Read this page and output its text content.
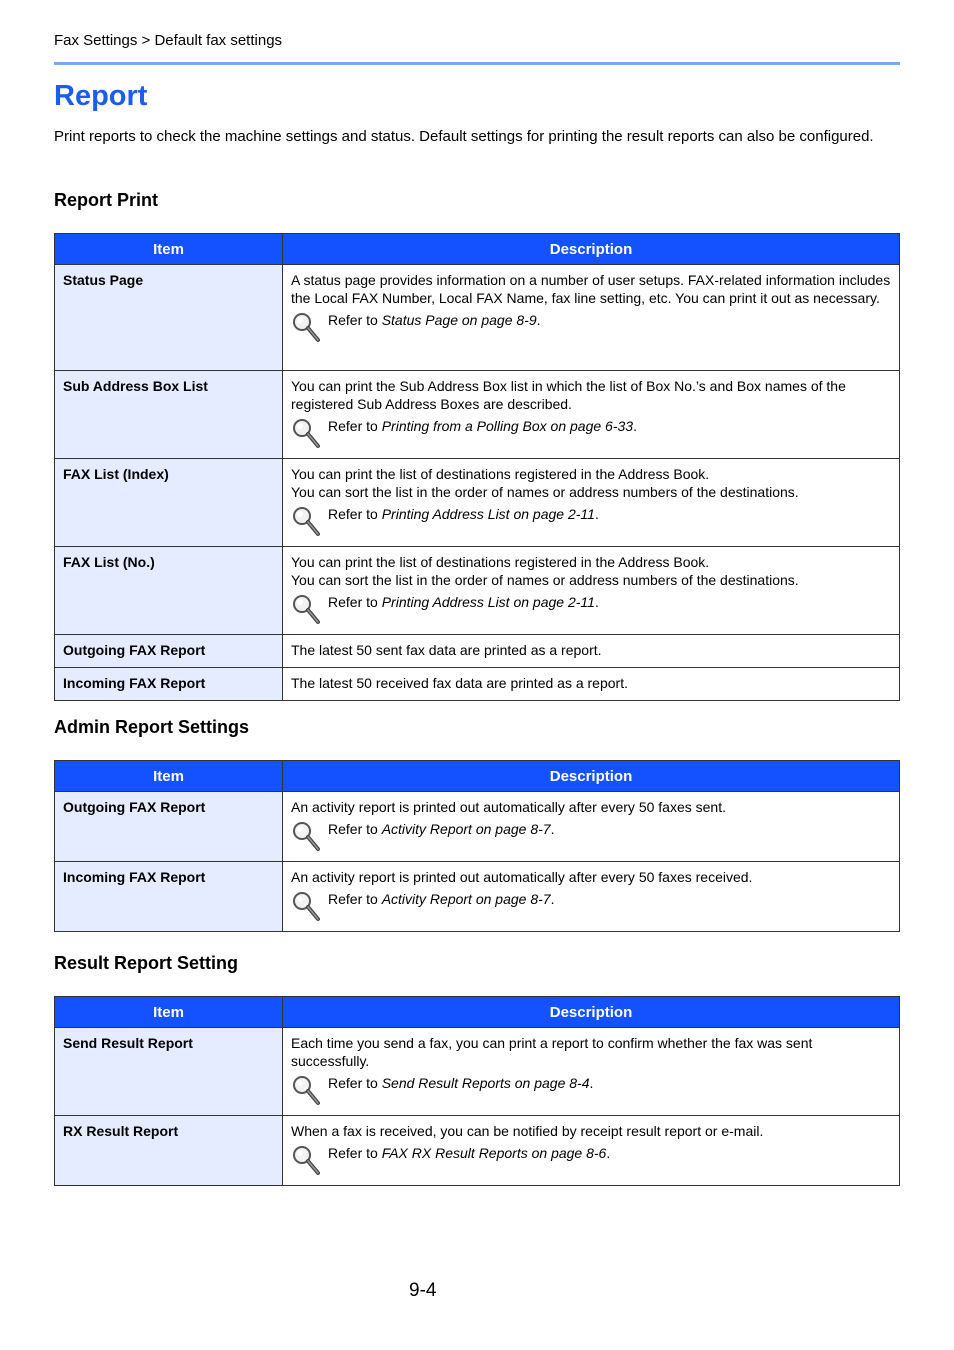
Fax Settings > Default fax settings
Report

Print reports to check the machine settings and status. Default settings for printing the result reports can also be configured.

Report Print
Item	Description
Status Page	A status page provides information on a number of user setups. FAX-related information includes the Local FAX Number, Local FAX Name, fax line setting, etc. You can print it out as necessary.
Refer to Status Page on page 8-9.

Sub Address Box List	You can print the Sub Address Box list in which the list of Box No.’s and Box names of the registered Sub Address Boxes are described.
Refer to Printing from a Polling Box on page 6-33.

FAX List (Index)	You can print the list of destinations registered in the Address Book.
You can sort the list in the order of names or address numbers of the destinations.
Refer to Printing Address List on page 2-11.

FAX List (No.)	You can print the list of destinations registered in the Address Book.
You can sort the list in the order of names or address numbers of the destinations.
Refer to Printing Address List on page 2-11.

Outgoing FAX Report	The latest 50 sent fax data are printed as a report.

Incoming FAX Report	The latest 50 received fax data are printed as a report.
Admin Report Settings
Item	Description
Outgoing FAX Report	An activity report is printed out automatically after every 50 faxes sent.
Refer to Activity Report on page 8-7.

Incoming FAX Report	An activity report is printed out automatically after every 50 faxes received.
Refer to Activity Report on page 8-7.
Result Report Setting
Item	Description
Send Result Report	Each time you send a fax, you can print a report to confirm whether the fax was sent successfully.
Refer to Send Result Reports on page 8-4.

RX Result Report	When a fax is received, you can be notified by receipt result report or e-mail.
Refer to FAX RX Result Reports on page 8-6.
9-4
